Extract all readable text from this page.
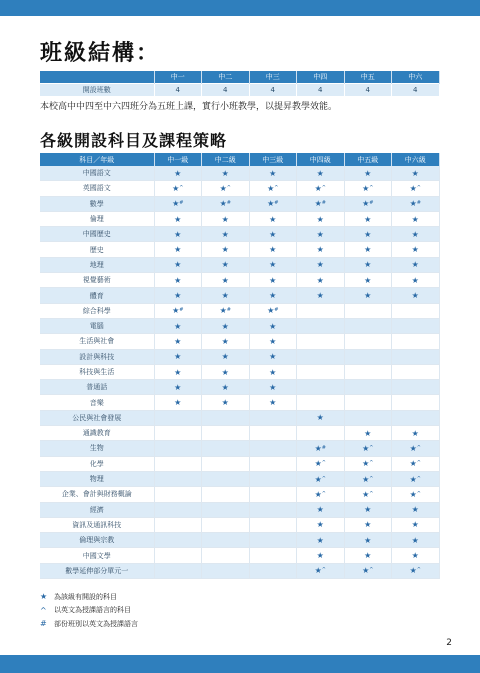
班級結構：
	中一	中二	中三	中四	中五	中六
開設班數	4	4	4	4	4	4
本校高中中四至中六四班分為五班上課，實行小班教學，以提昇教學效能。
各級開設科目及課程策略
科目／年級	中一級	中二級	中三級	中四級	中五級	中六級
中國語文	★	★	★	★	★	★
英國語文	★^	★^	★^	★^	★^	★^
數學	★#	★#	★#	★#	★#	★#
倫理	★	★	★	★	★	★
中國歷史	★	★	★	★	★	★
歷史	★	★	★	★	★	★
地理	★	★	★	★	★	★
視覺藝術	★	★	★	★	★	★
體育	★	★	★	★	★	★
綜合科學	★#	★#	★#			
電腦	★	★	★			
生活與社會	★	★	★			
設計與科技	★	★	★			
科技與生活	★	★	★			
普通話	★	★	★			
音樂	★	★	★			
公民與社會發展				★		
通識教育					★	★
生物				★#	★^	★^
化學				★^	★^	★^
物理				★^	★^	★^
企業、會計與財務概論				★^	★^	★^
經濟				★	★	★
資訊及通訊科技				★	★	★
倫理與宗教				★	★	★
中國文學				★	★	★
數學延伸部分單元一				★^	★^	★^
★ 為該級有開設的科目
^	以英文為授課語言的科目
#	部份班別以英文為授課語言
2
